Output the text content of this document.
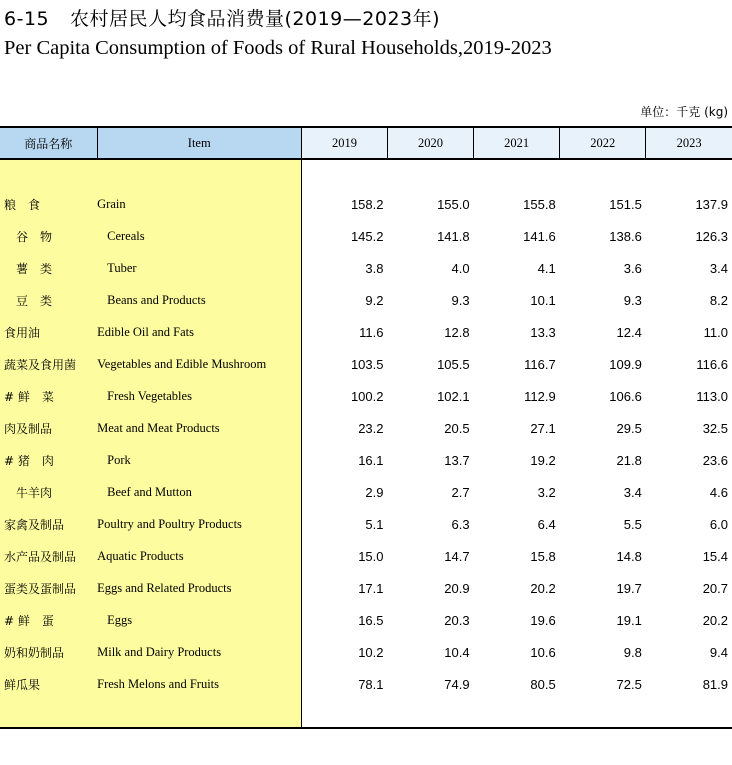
6-15 农村居民人均食品消费量(2019—2023年)
Per Capita Consumption of Foods of Rural Households,2019-2023
单位：千克 (kg)
商品名称	Item	2019	2020	2021	2022	2023

粮　食	Grain	158.2	155.0	155.8	151.5	137.9
　谷　物	Cereals	145.2	141.8	141.6	138.6	126.3
　薯　类	Tuber	3.8	4.0	4.1	3.6	3.4
　豆　类	Beans and Products	9.2	9.3	10.1	9.3	8.2
食用油	Edible Oil and Fats	11.6	12.8	13.3	12.4	11.0
蔬菜及食用菌	Vegetables and Edible Mushroom	103.5	105.5	116.7	109.9	116.6
# 鲜　菜	Fresh Vegetables	100.2	102.1	112.9	106.6	113.0
肉及制品	Meat and Meat Products	23.2	20.5	27.1	29.5	32.5
# 猪　肉	Pork	16.1	13.7	19.2	21.8	23.6
　牛羊肉	Beef and Mutton	2.9	2.7	3.2	3.4	4.6
家禽及制品	Poultry and Poultry Products	5.1	6.3	6.4	5.5	6.0
水产品及制品	Aquatic Products	15.0	14.7	15.8	14.8	15.4
蛋类及蛋制品	Eggs and Related Products	17.1	20.9	20.2	19.7	20.7
# 鲜　蛋	Eggs	16.5	20.3	19.6	19.1	20.2
奶和奶制品	Milk and Dairy Products	10.2	10.4	10.6	9.8	9.4
鲜瓜果	Fresh Melons and Fruits	78.1	74.9	80.5	72.5	81.9
